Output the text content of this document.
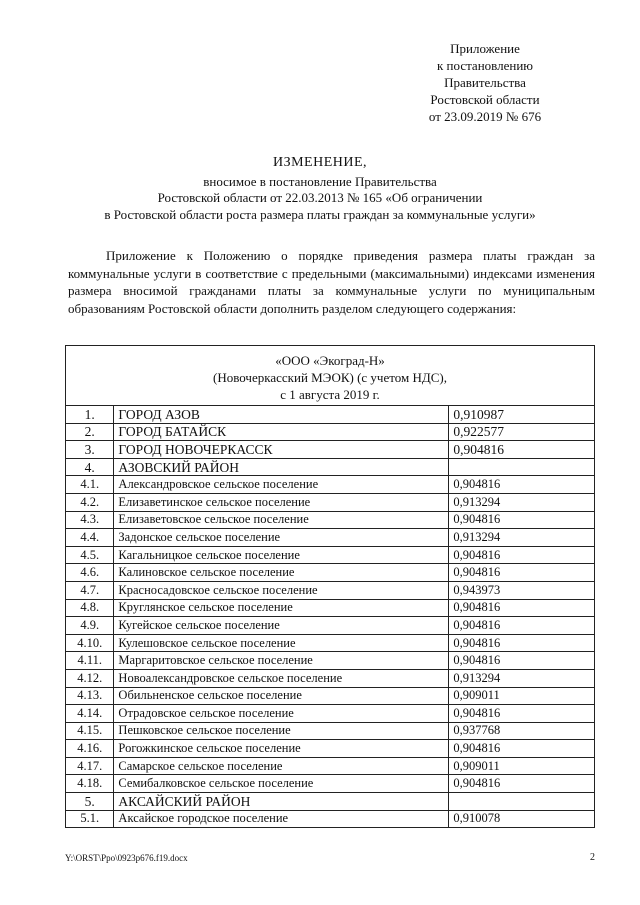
Приложение
к постановлению
Правительства
Ростовской области
от 23.09.2019 № 676
ИЗМЕНЕНИЕ,
вносимое в постановление Правительства
Ростовской области от 22.03.2013 № 165 «Об ограничении
в Ростовской области роста размера платы граждан за коммунальные услуги»
Приложение к Положению о порядке приведения размера платы граждан за коммунальные услуги в соответствие с предельными (максимальными) индексами изменения размера вносимой гражданами платы за коммунальные услуги по муниципальным образованиям Ростовской области дополнить разделом следующего содержания:
«ООО «Экоград-Н»
(Новочеркасский МЭОК) (с учетом НДС),
с 1 августа 2019 г.		

1.	ГОРОД АЗОВ	0,910987
2.	ГОРОД БАТАЙСК	0,922577
3.	ГОРОД НОВОЧЕРКАССК	0,904816
4.	АЗОВСКИЙ РАЙОН	
4.1.	Александровское сельское поселение	0,904816
4.2.	Елизаветинское сельское поселение	0,913294
4.3.	Елизаветовское сельское поселение	0,904816
4.4.	Задонское сельское поселение	0,913294
4.5.	Кагальницкое сельское поселение	0,904816
4.6.	Калиновское сельское поселение	0,904816
4.7.	Красносадовское сельское поселение	0,943973
4.8.	Круглянское сельское поселение	0,904816
4.9.	Кугейское сельское поселение	0,904816
4.10.	Кулешовское сельское поселение	0,904816
4.11.	Маргаритовское сельское поселение	0,904816
4.12.	Новоалександровское сельское поселение	0,913294
4.13.	Обильненское сельское поселение	0,909011
4.14.	Отрадовское сельское поселение	0,904816
4.15.	Пешковское сельское поселение	0,937768
4.16.	Рогожкинское сельское поселение	0,904816
4.17.	Самарское сельское поселение	0,909011
4.18.	Семибалковское сельское поселение	0,904816
5.	АКСАЙСКИЙ РАЙОН	
5.1.	Аксайское городское поселение	0,910078
Y:\ORST\Ppo\0923p676.f19.docx	2
